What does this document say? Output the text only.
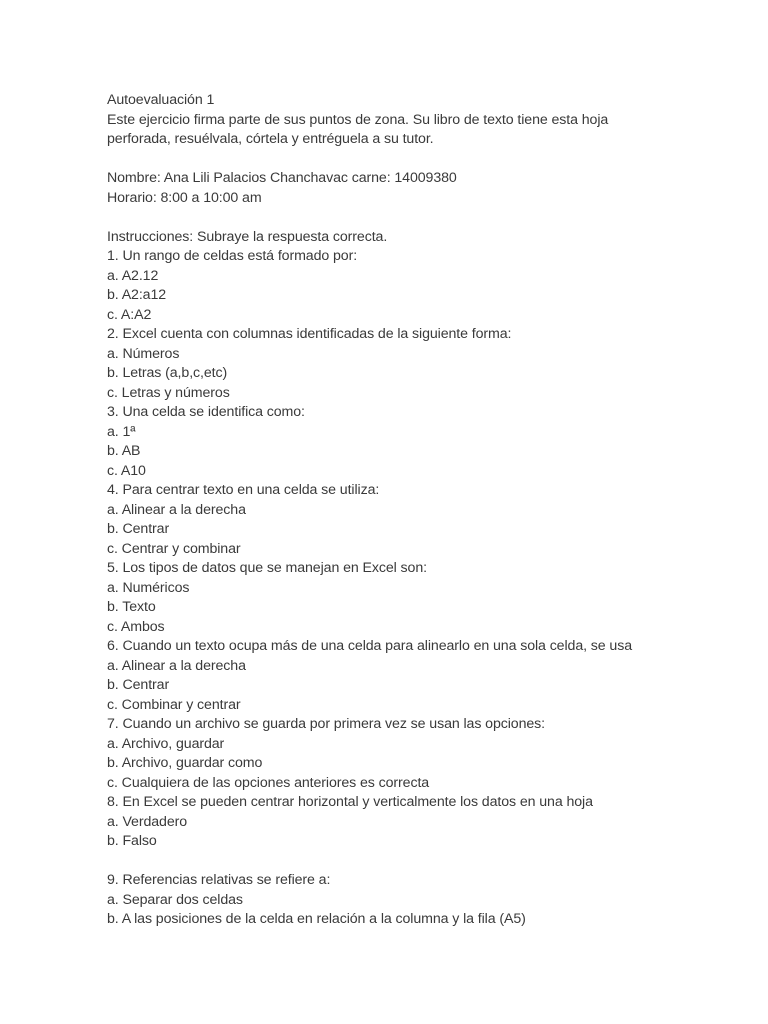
Autoevaluación 1
Este ejercicio firma parte de sus puntos de zona. Su libro de texto tiene esta hoja
perforada, resuélvala, córtela y entréguela a su tutor.
Nombre: Ana Lili Palacios Chanchavac carne: 14009380
Horario: 8:00 a 10:00 am
Instrucciones: Subraye la respuesta correcta.
1. Un rango de celdas está formado por:
a. A2.12
b. A2:a12
c. A:A2
2. Excel cuenta con columnas identificadas de la siguiente forma:
a. Números
b. Letras (a,b,c,etc)
c. Letras y números
3. Una celda se identifica como:
a. 1ª
b. AB
c. A10
4. Para centrar texto en una celda se utiliza:
a. Alinear a la derecha
b. Centrar
c. Centrar y combinar
5. Los tipos de datos que se manejan en Excel son:
a. Numéricos
b. Texto
c. Ambos
6. Cuando un texto ocupa más de una celda para alinearlo en una sola celda, se usa
a. Alinear a la derecha
b. Centrar
c. Combinar y centrar
7. Cuando un archivo se guarda por primera vez se usan las opciones:
a. Archivo, guardar
b. Archivo, guardar como
c. Cualquiera de las opciones anteriores es correcta
8. En Excel se pueden centrar horizontal y verticalmente los datos en una hoja
a. Verdadero
b. Falso
9. Referencias relativas se refiere a:
a. Separar dos celdas
b. A las posiciones de la celda en relación a la columna y la fila (A5)
